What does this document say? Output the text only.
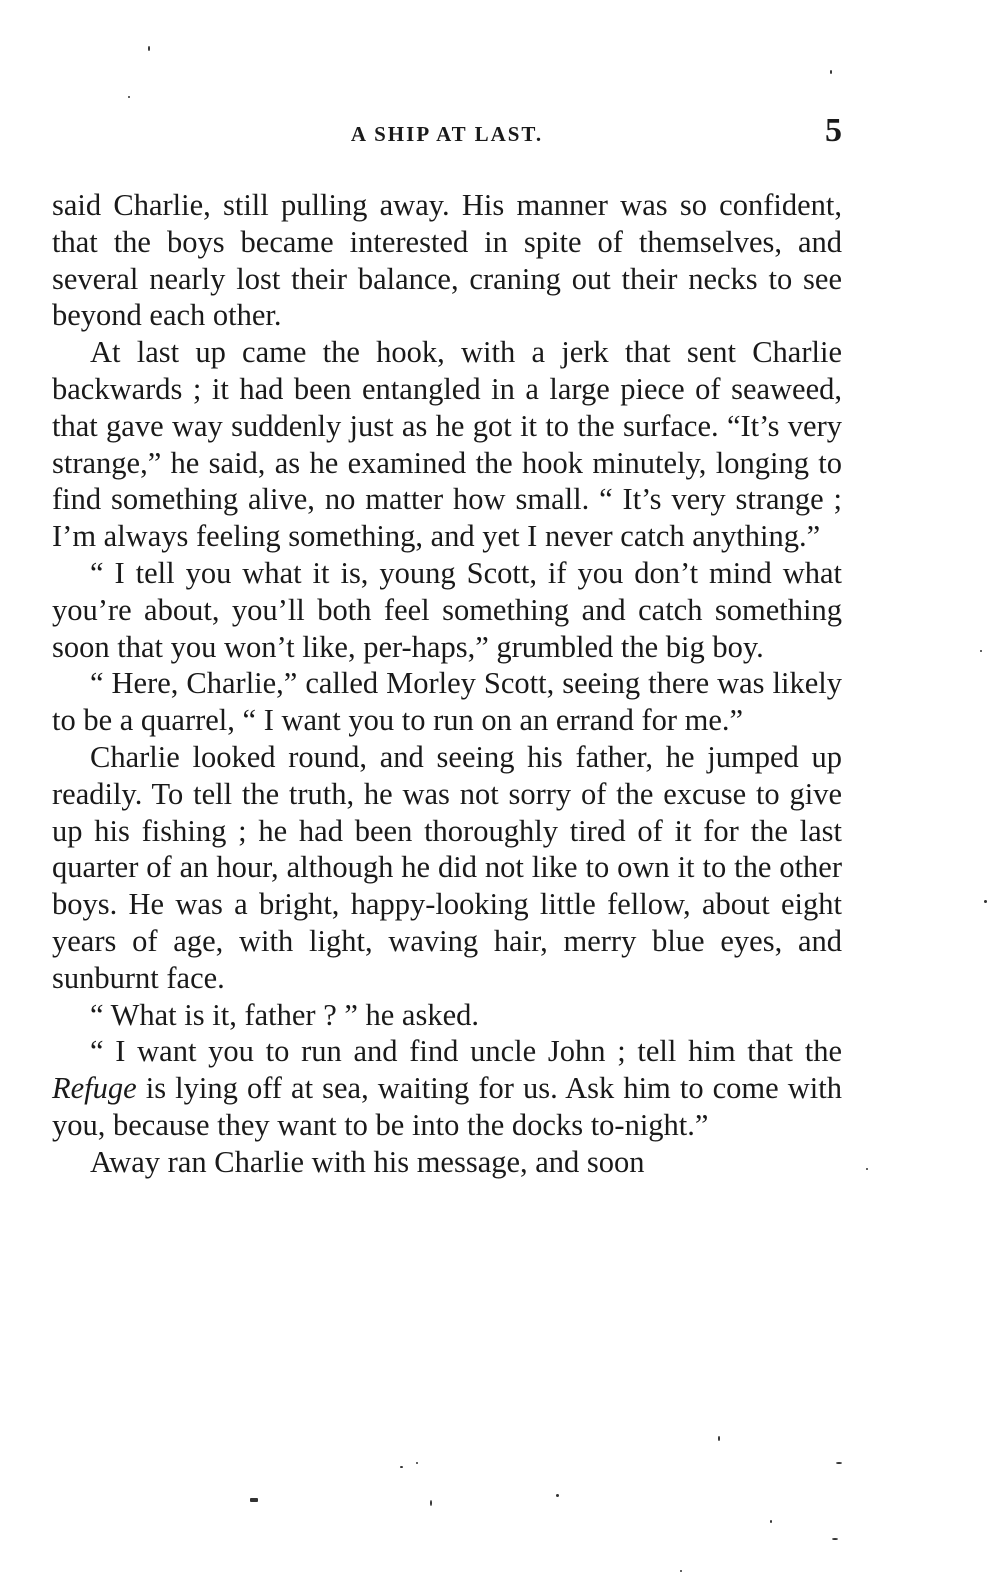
A SHIP AT LAST.	5

said Charlie, still pulling away. His manner was so confident, that the boys became interested in spite of themselves, and several nearly lost their balance, craning out their necks to see beyond each other.

At last up came the hook, with a jerk that sent Charlie backwards ; it had been entangled in a large piece of seaweed, that gave way suddenly just as he got it to the surface. “It’s very strange,” he said, as he examined the hook minutely, longing to find something alive, no matter how small. “ It’s very strange ; I’m always feeling something, and yet I never catch anything.”

“ I tell you what it is, young Scott, if you don’t mind what you’re about, you’ll both feel something and catch something soon that you won’t like, per-haps,” grumbled the big boy.

“ Here, Charlie,” called Morley Scott, seeing there was likely to be a quarrel, “ I want you to run on an errand for me.”

Charlie looked round, and seeing his father, he jumped up readily. To tell the truth, he was not sorry of the excuse to give up his fishing ; he had been thoroughly tired of it for the last quarter of an hour, although he did not like to own it to the other boys. He was a bright, happy-looking little fellow, about eight years of age, with light, waving hair, merry blue eyes, and sunburnt face.

“ What is it, father ? ” he asked.

“ I want you to run and find uncle John ; tell him that the Refuge is lying off at sea, waiting for us. Ask him to come with you, because they want to be into the docks to-night.”

Away ran Charlie with his message, and soon
